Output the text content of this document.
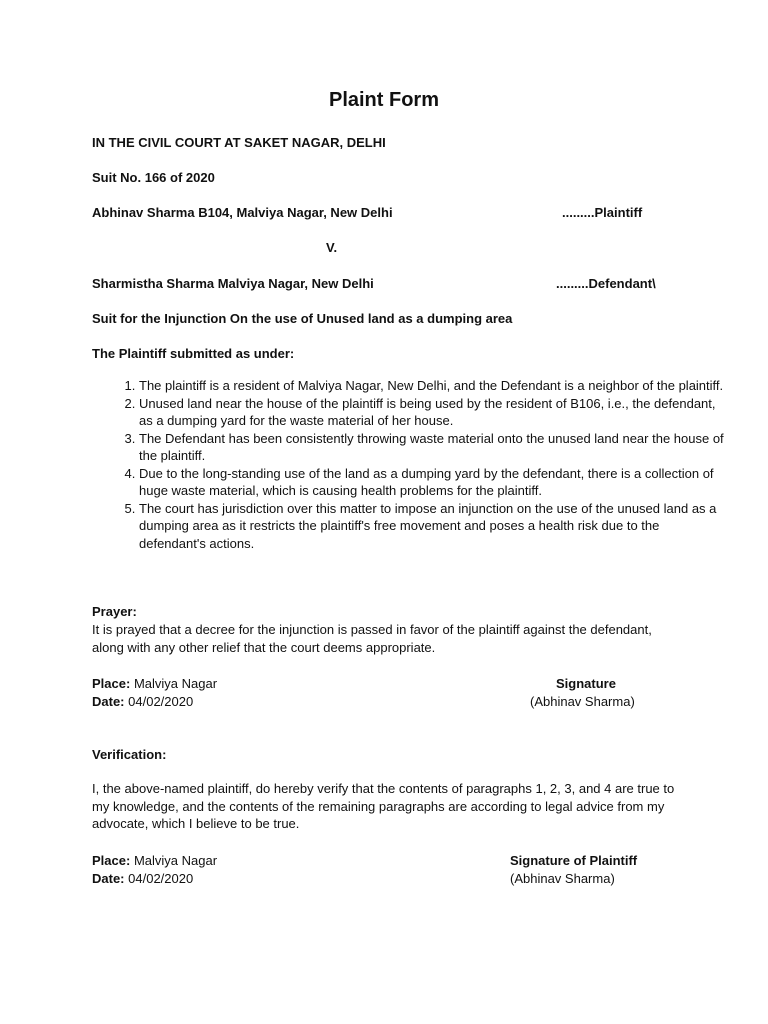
Plaint Form
IN THE CIVIL COURT AT SAKET NAGAR, DELHI
Suit No. 166 of 2020
Abhinav Sharma B104, Malviya Nagar, New Delhi	.........Plaintiff
V.
Sharmistha Sharma Malviya Nagar, New Delhi	.........Defendant\
Suit for the Injunction On the use of Unused land as a dumping area
The Plaintiff submitted as under:
1. The plaintiff is a resident of Malviya Nagar, New Delhi, and the Defendant is a neighbor of the plaintiff.
2. Unused land near the house of the plaintiff is being used by the resident of B106, i.e., the defendant, as a dumping yard for the waste material of her house.
3. The Defendant has been consistently throwing waste material onto the unused land near the house of the plaintiff.
4. Due to the long-standing use of the land as a dumping yard by the defendant, there is a collection of huge waste material, which is causing health problems for the plaintiff.
5. The court has jurisdiction over this matter to impose an injunction on the use of the unused land as a dumping area as it restricts the plaintiff's free movement and poses a health risk due to the defendant's actions.
Prayer:
It is prayed that a decree for the injunction is passed in favor of the plaintiff against the defendant, along with any other relief that the court deems appropriate.
Place: Malviya Nagar
Date: 04/02/2020
Signature
(Abhinav Sharma)
Verification:
I, the above-named plaintiff, do hereby verify that the contents of paragraphs 1, 2, 3, and 4 are true to my knowledge, and the contents of the remaining paragraphs are according to legal advice from my advocate, which I believe to be true.
Place: Malviya Nagar
Date: 04/02/2020
Signature of Plaintiff
(Abhinav Sharma)
